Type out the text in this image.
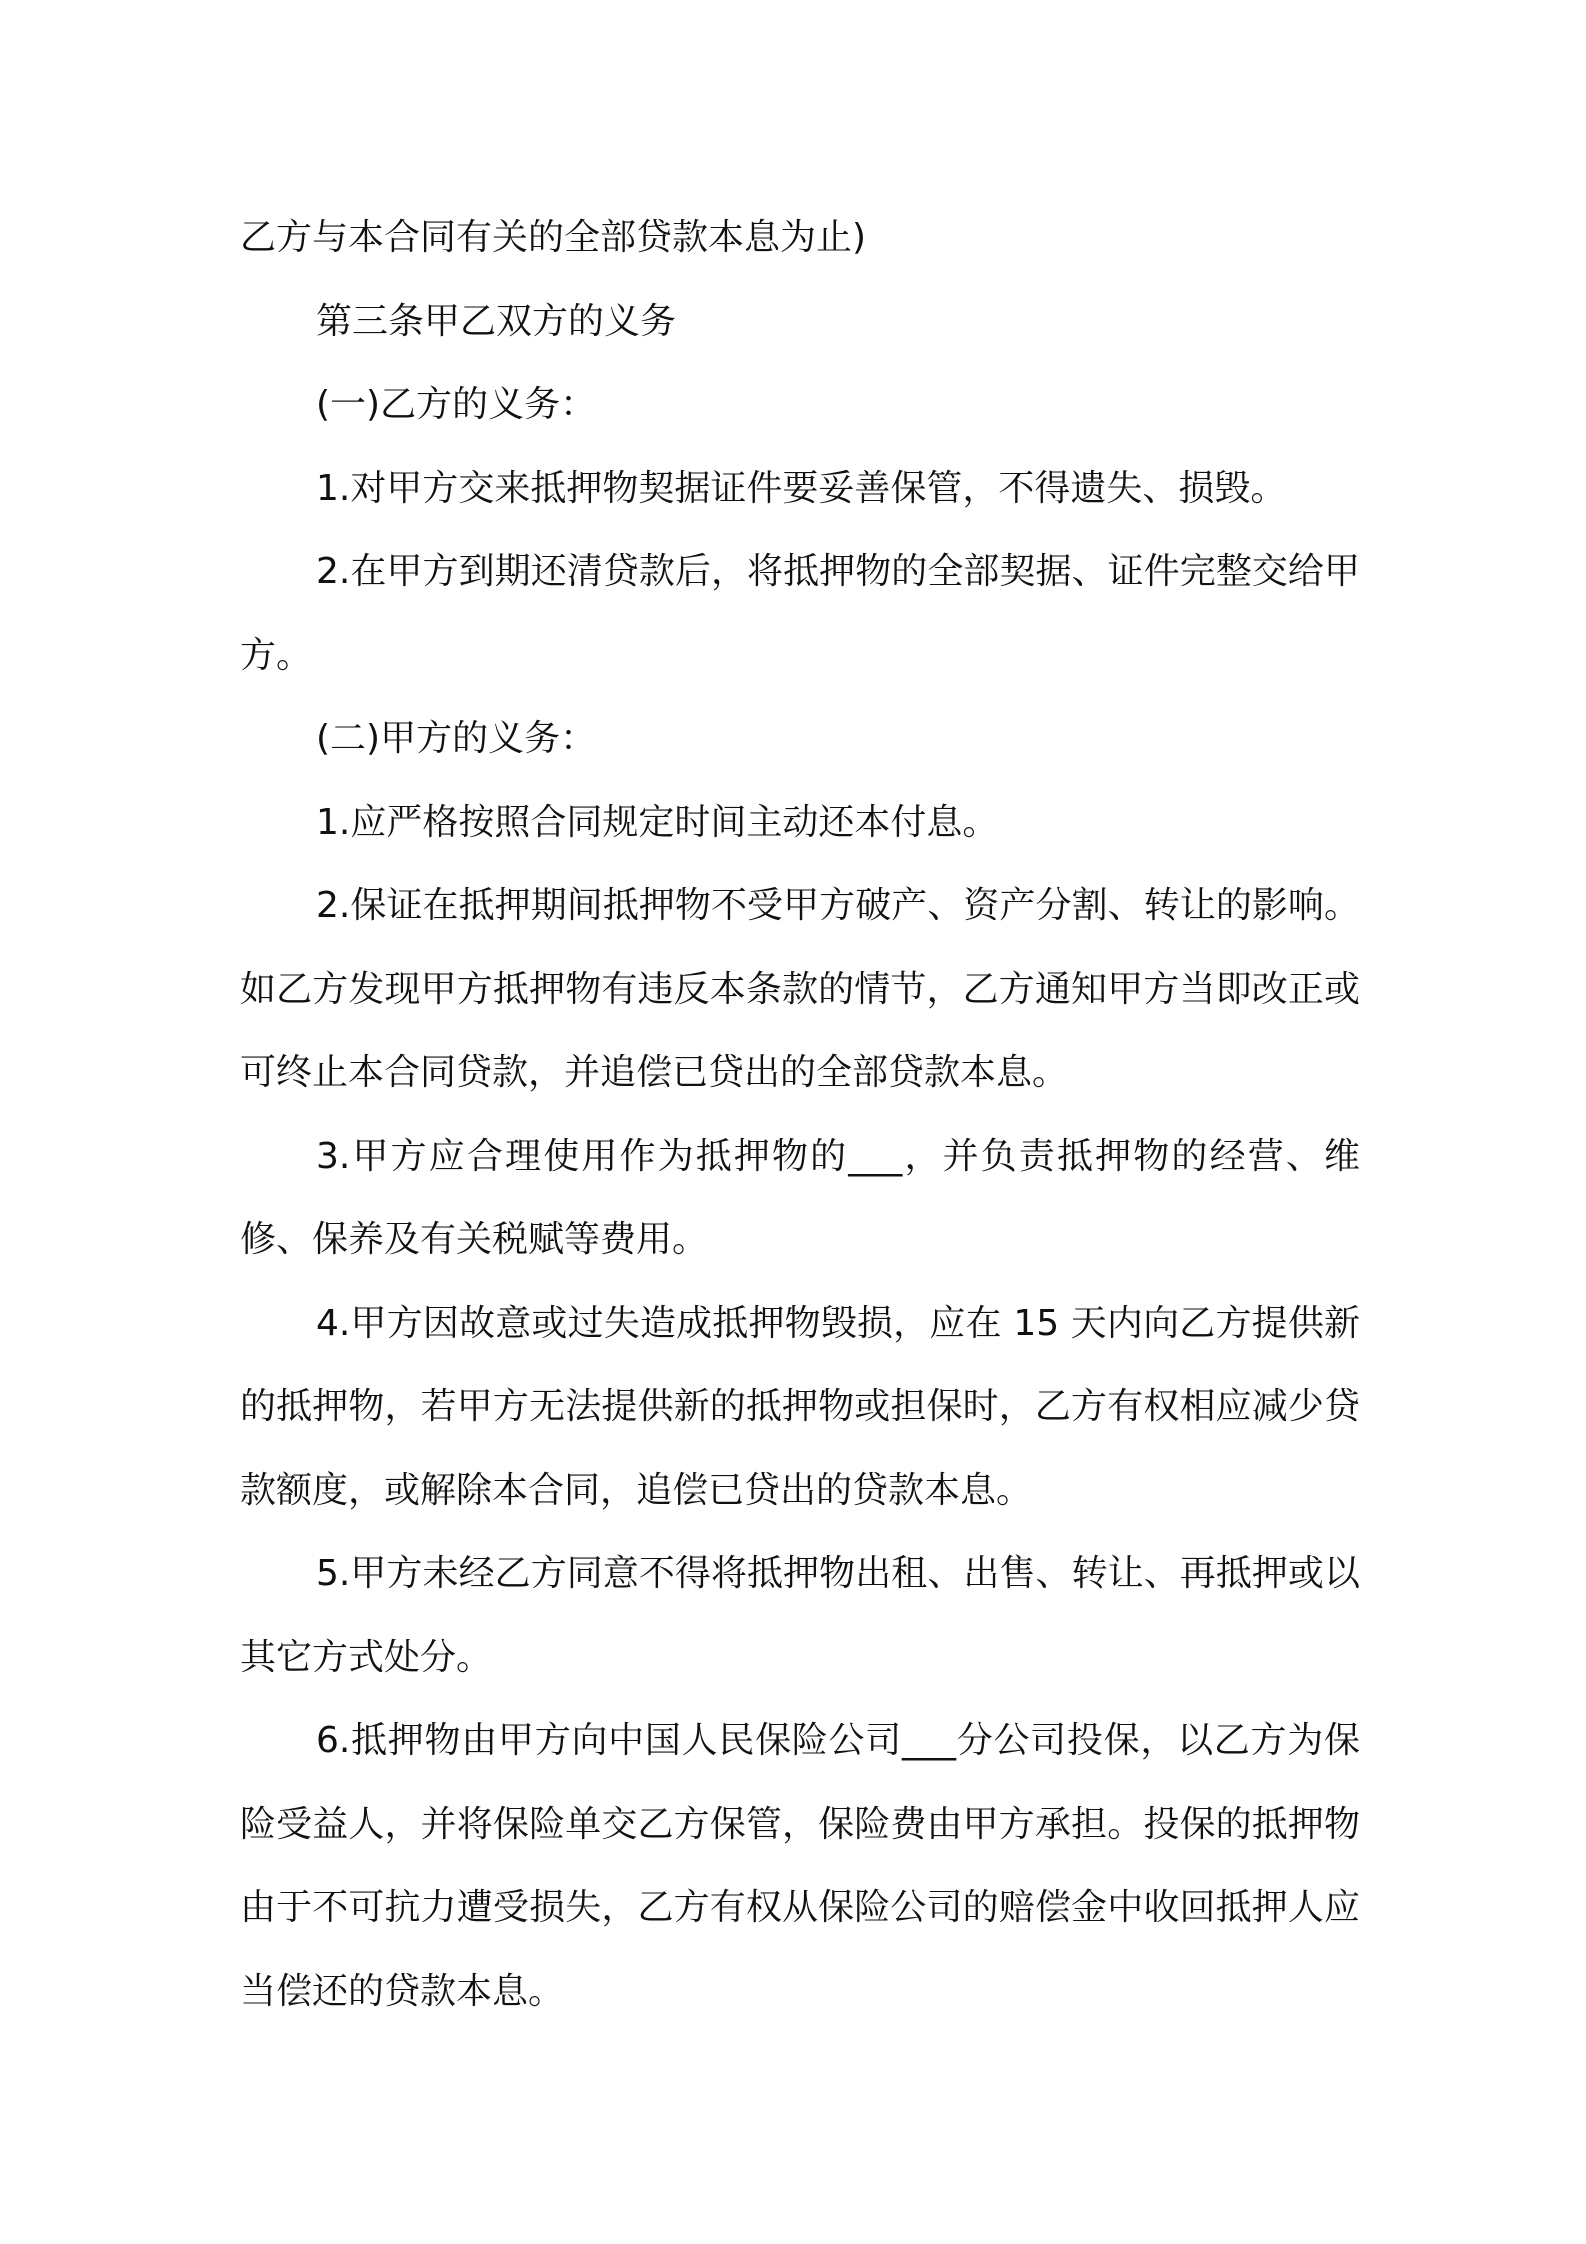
乙方与本合同有关的全部贷款本息为止)

第三条甲乙双方的义务

(一)乙方的义务：

1.对甲方交来抵押物契据证件要妥善保管，不得遗失、损毁。

2.在甲方到期还清贷款后，将抵押物的全部契据、证件完整交给甲方。

(二)甲方的义务：

1.应严格按照合同规定时间主动还本付息。

2.保证在抵押期间抵押物不受甲方破产、资产分割、转让的影响。如乙方发现甲方抵押物有违反本条款的情节，乙方通知甲方当即改正或可终止本合同贷款，并追偿已贷出的全部贷款本息。

3.甲方应合理使用作为抵押物的___，并负责抵押物的经营、维修、保养及有关税赋等费用。

4.甲方因故意或过失造成抵押物毁损，应在 15 天内向乙方提供新的抵押物，若甲方无法提供新的抵押物或担保时，乙方有权相应减少贷款额度，或解除本合同，追偿已贷出的贷款本息。

5.甲方未经乙方同意不得将抵押物出租、出售、转让、再抵押或以其它方式处分。

6.抵押物由甲方向中国人民保险公司___分公司投保，以乙方为保险受益人，并将保险单交乙方保管，保险费由甲方承担。投保的抵押物由于不可抗力遭受损失，乙方有权从保险公司的赔偿金中收回抵押人应当偿还的贷款本息。
